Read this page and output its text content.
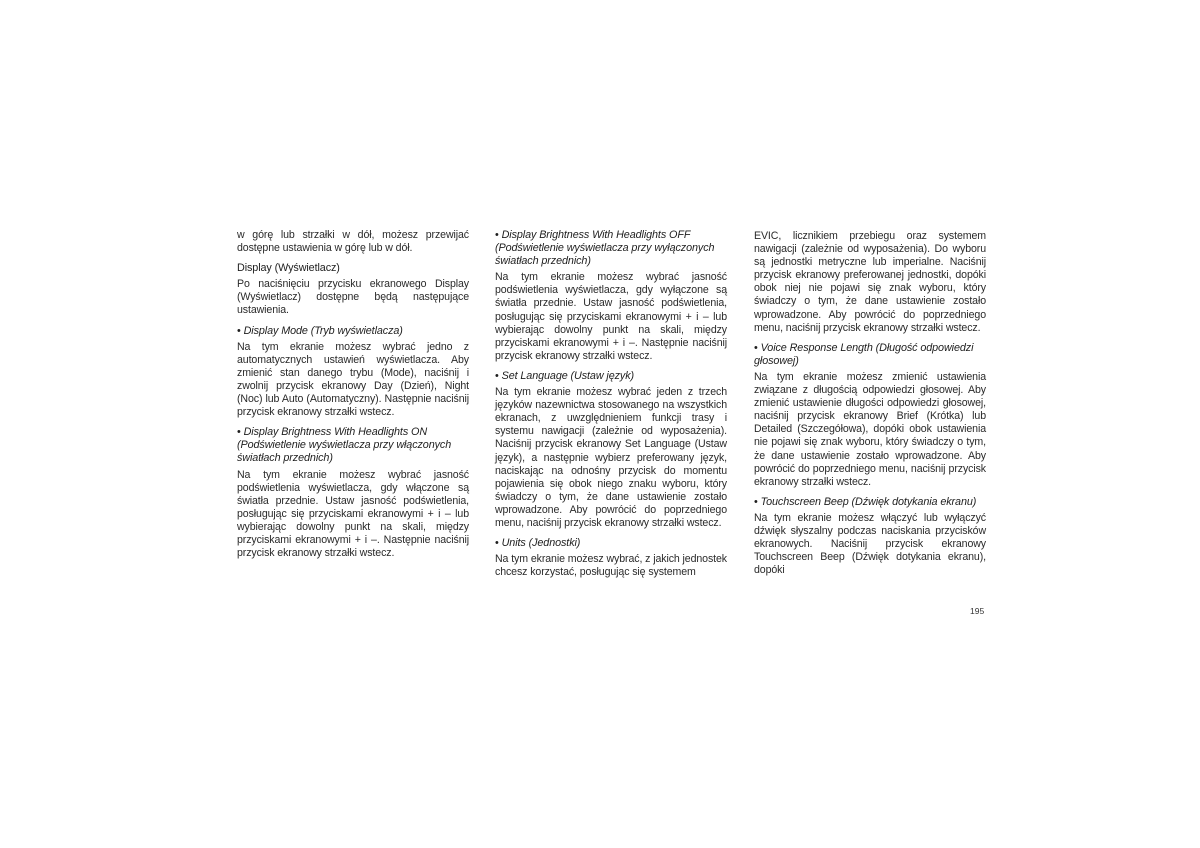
w górę lub strzałki w dół, możesz przewijać dostępne ustawienia w górę lub w dół.

Display (Wyświetlacz)

Po naciśnięciu przycisku ekranowego Display (Wyświetlacz) dostępne będą następujące ustawienia.

• Display Mode (Tryb wyświetlacza)

Na tym ekranie możesz wybrać jedno z automatycznych ustawień wyświetlacza. Aby zmienić stan danego trybu (Mode), naciśnij i zwolnij przycisk ekranowy Day (Dzień), Night (Noc) lub Auto (Automatyczny). Następnie naciśnij przycisk ekranowy strzałki wstecz.

• Display Brightness With Headlights ON (Podświetlenie wyświetlacza przy włączonych światłach przednich)

Na tym ekranie możesz wybrać jasność podświetlenia wyświetlacza, gdy włączone są światła przednie. Ustaw jasność podświetlenia, posługując się przyciskami ekranowymi + i – lub wybierając dowolny punkt na skali, między przyciskami ekranowymi + i –. Następnie naciśnij przycisk ekranowy strzałki wstecz.

• Display Brightness With Headlights OFF (Podświetlenie wyświetlacza przy wyłączonych światłach przednich)

Na tym ekranie możesz wybrać jasność podświetlenia wyświetlacza, gdy wyłączone są światła przednie. Ustaw jasność podświetlenia, posługując się przyciskami ekranowymi + i – lub wybierając dowolny punkt na skali, między przyciskami ekranowymi + i –. Następnie naciśnij przycisk ekranowy strzałki wstecz.

• Set Language (Ustaw język)

Na tym ekranie możesz wybrać jeden z trzech języków nazewnictwa stosowanego na wszystkich ekranach, z uwzględnieniem funkcji trasy i systemu nawigacji (zależnie od wyposażenia). Naciśnij przycisk ekranowy Set Language (Ustaw język), a następnie wybierz preferowany język, naciskając na odnośny przycisk do momentu pojawienia się obok niego znaku wyboru, który świadczy o tym, że dane ustawienie zostało wprowadzone. Aby powrócić do poprzedniego menu, naciśnij przycisk ekranowy strzałki wstecz.

• Units (Jednostki)

Na tym ekranie możesz wybrać, z jakich jednostek chcesz korzystać, posługując się systemem

EVIC, licznikiem przebiegu oraz systemem nawigacji (zależnie od wyposażenia). Do wyboru są jednostki metryczne lub imperialne. Naciśnij przycisk ekranowy preferowanej jednostki, dopóki obok niej nie pojawi się znak wyboru, który świadczy o tym, że dane ustawienie zostało wprowadzone. Aby powrócić do poprzedniego menu, naciśnij przycisk ekranowy strzałki wstecz.

• Voice Response Length (Długość odpowiedzi głosowej)

Na tym ekranie możesz zmienić ustawienia związane z długością odpowiedzi głosowej. Aby zmienić ustawienie długości odpowiedzi głosowej, naciśnij przycisk ekranowy Brief (Krótka) lub Detailed (Szczegółowa), dopóki obok ustawienia nie pojawi się znak wyboru, który świadczy o tym, że dane ustawienie zostało wprowadzone. Aby powrócić do poprzedniego menu, naciśnij przycisk ekranowy strzałki wstecz.

• Touchscreen Beep (Dźwięk dotykania ekranu)

Na tym ekranie możesz włączyć lub wyłączyć dźwięk słyszalny podczas naciskania przycisków ekranowych. Naciśnij przycisk ekranowy Touchscreen Beep (Dźwięk dotykania ekranu), dopóki

195
